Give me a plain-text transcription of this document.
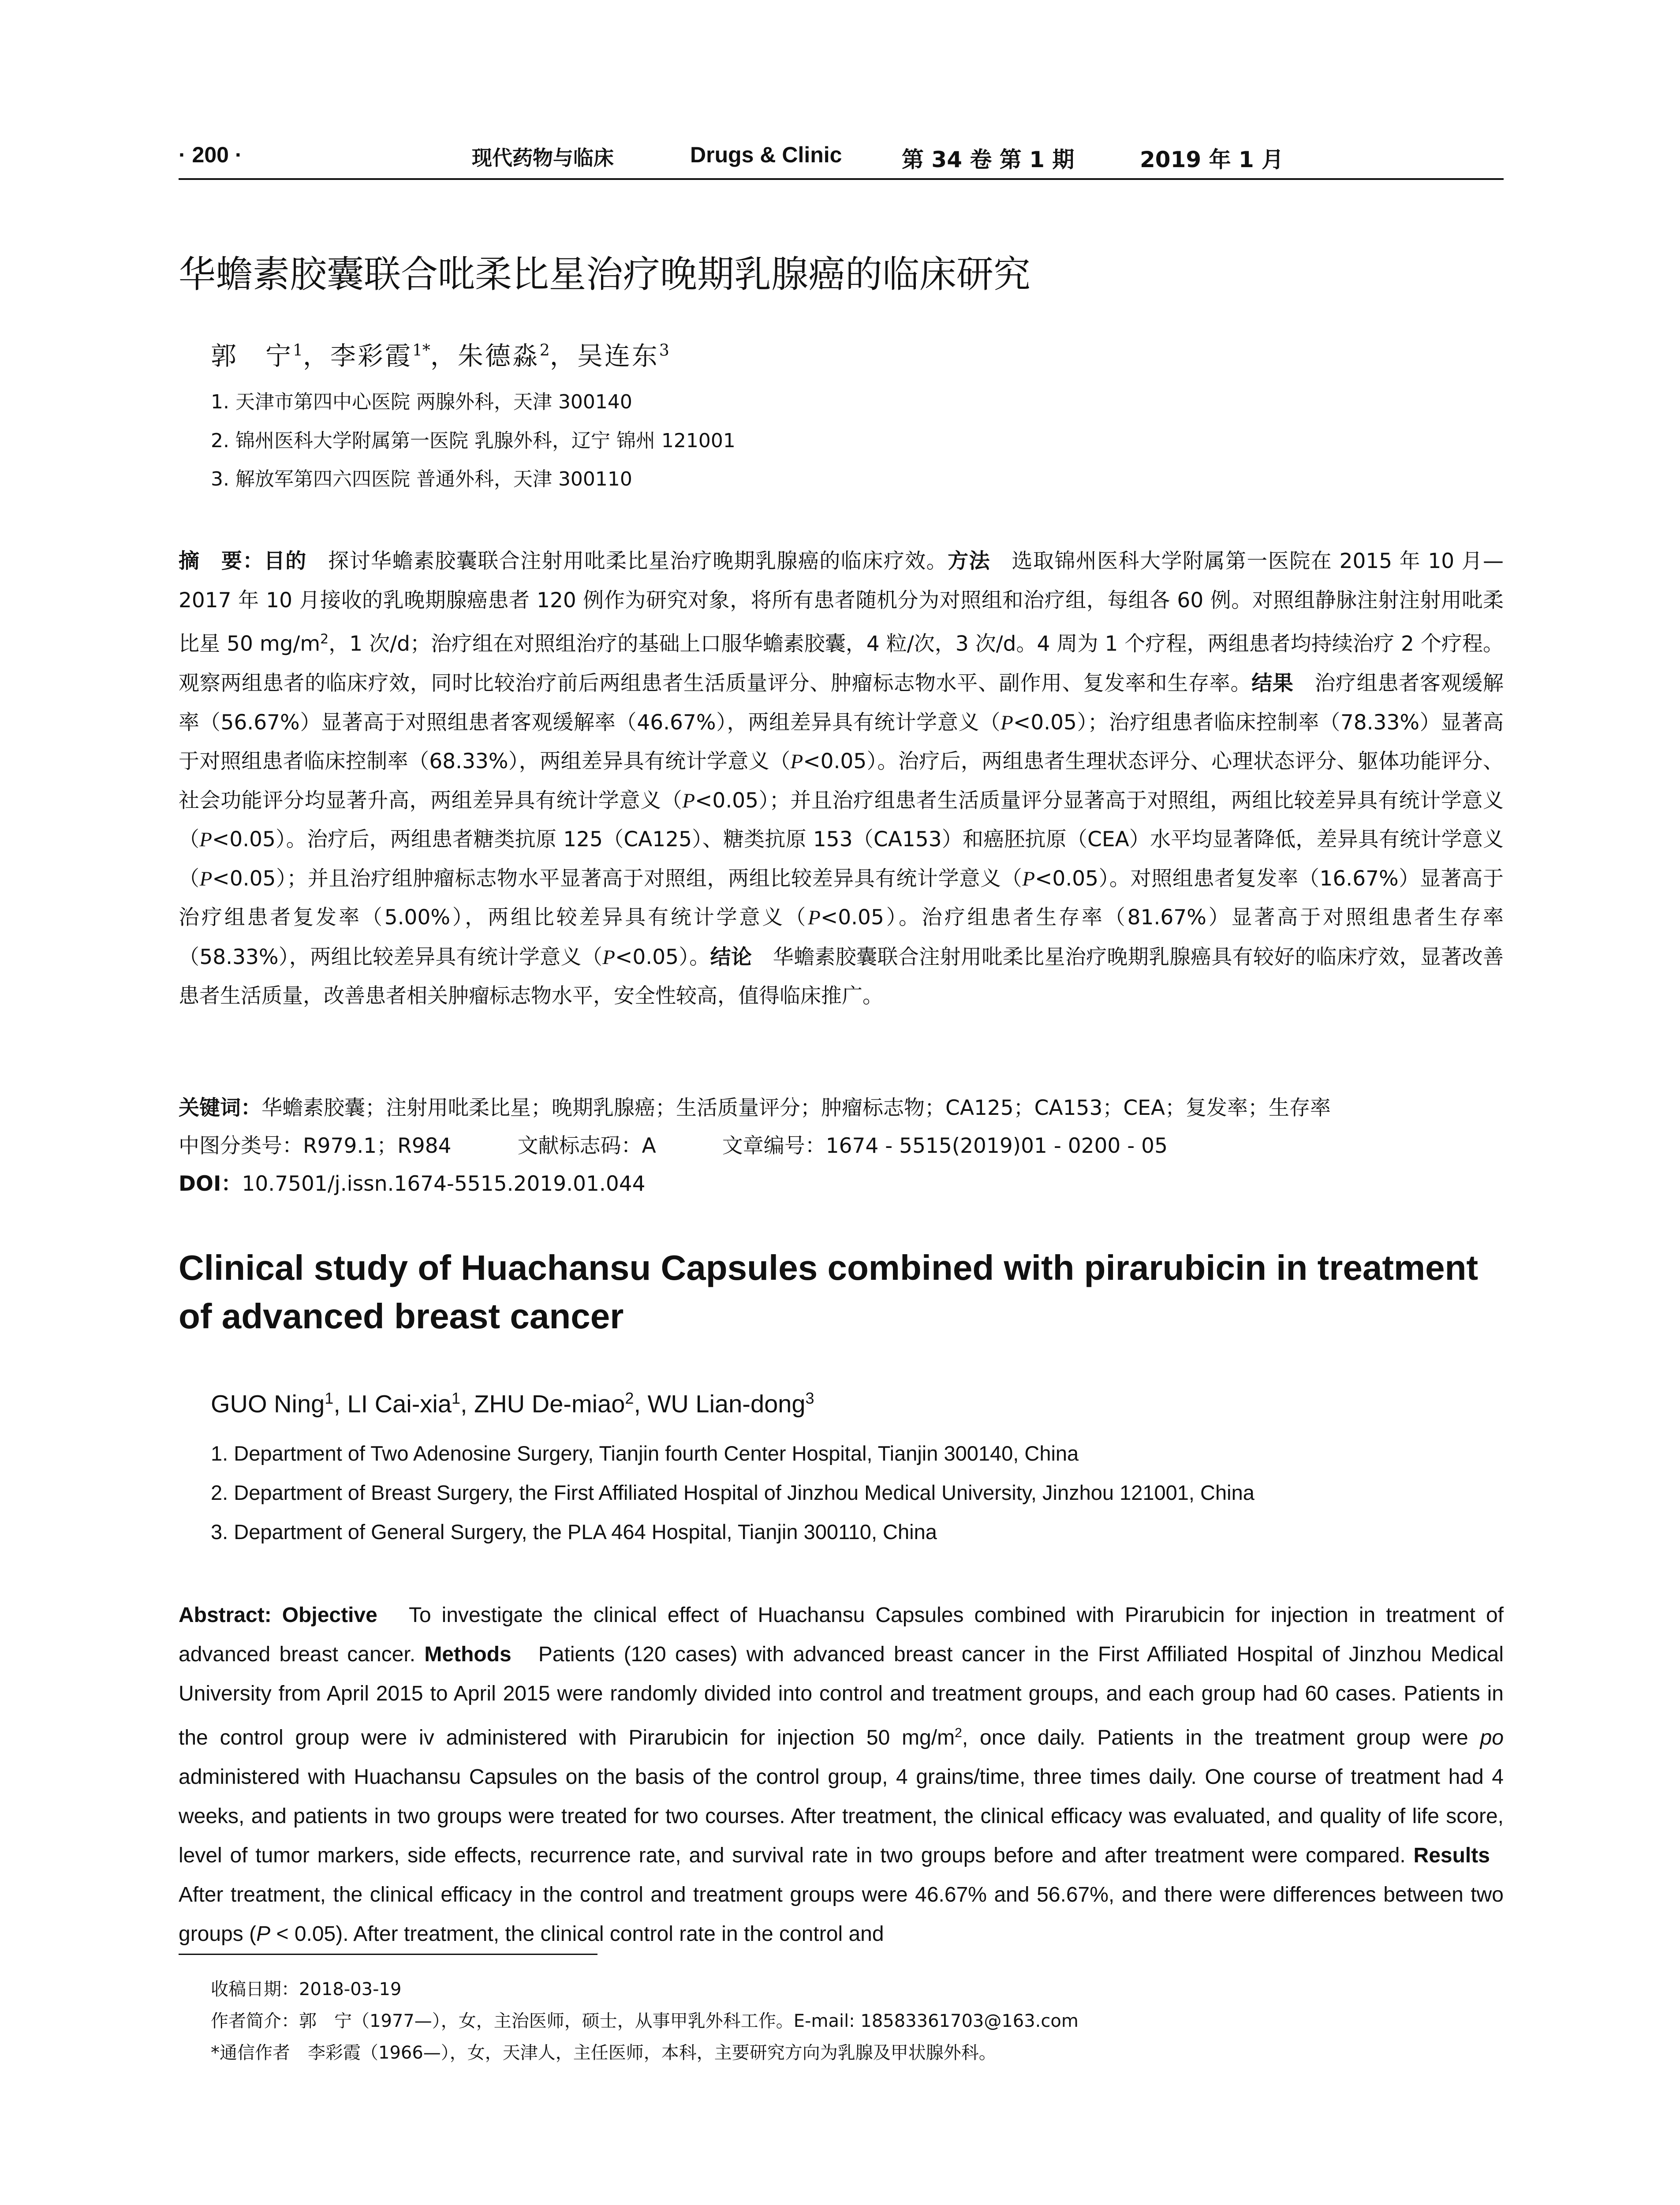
· 200 ·	现代药物与临床	Drugs & Clinic	第 34 卷 第 1 期	2019 年 1 月
华蟾素胶囊联合吡柔比星治疗晚期乳腺癌的临床研究
郭　宁$^1$，李彩霞$^{1*}$，朱德淼$^2$，吴连东$^3$
1. 天津市第四中心医院 两腺外科，天津 300140
2. 锦州医科大学附属第一医院 乳腺外科，辽宁 锦州 121001
3. 解放军第四六四医院 普通外科，天津 300110
摘　要：目的　 探讨华蟾素胶囊联合注射用吡柔比星治疗晚期乳腺癌的临床疗效。方法　 选取锦州医科大学附属第一医院在 2015 年 10 月—2017 年 10 月接收的乳晚期腺癌患者 120 例作为研究对象，将所有患者随机分为对照组和治疗组，每组各 60 例。对照组静脉注射注射用吡柔比星 50 $mg/m^2$，1 次/d；治疗组在对照组治疗的基础上口服华蟾素胶囊，4 粒/次，3 次/d。4 周为 1 个疗程，两组患者均持续治疗 2 个疗程。观察两组患者的临床疗效，同时比较治疗前后两组患者生活质量评分、肿瘤标志物水平、副作用、复发率和生存率。结果　 治疗组患者客观缓解率（56.67%）显著高于对照组患者客观缓解率（46.67%），两组差异具有统计学意义（P<0.05）；治疗组患者临床控制率（78.33%）显著高于对照组患者临床控制率（68.33%），两组差异具有统计学意义（P<0.05）。治疗后，两组患者生理状态评分、心理状态评分、躯体功能评分、社会功能评分均显著升高，两组差异具有统计学意义（P<0.05）；并且治疗组患者生活质量评分显著高于对照组，两组比较差异具有统计学意义（P<0.05）。治疗后，两组患者糖类抗原 125（CA125）、糖类抗原 153（CA153）和癌胚抗原（CEA）水平均显著降低，差异具有统计学意义（P<0.05）；并且治疗组肿瘤标志物水平显著高于对照组，两组比较差异具有统计学意义（P<0.05）。对照组患者复发率（16.67%）显著高于治疗组患者复发率（5.00%），两组比较差异具有统计学意义（P<0.05）。治疗组患者生存率（81.67%）显著高于对照组患者生存率（58.33%），两组比较差异具有统计学意义（P<0.05）。结论　 华蟾素胶囊联合注射用吡柔比星治疗晚期乳腺癌具有较好的临床疗效，显著改善患者生活质量，改善患者相关肿瘤标志物水平，安全性较高，值得临床推广。
关键词：华蟾素胶囊；注射用吡柔比星；晚期乳腺癌；生活质量评分；肿瘤标志物；CA125；CA153；CEA；复发率；生存率
中图分类号：R979.1；R984	文献标志码：A	文章编号：1674 - 5515(2019)01 - 0200 - 05
DOI：10.7501/j.issn.1674-5515.2019.01.044
Clinical study of Huachansu Capsules combined with pirarubicin in treatment of advanced breast cancer
GUO Ning$^1$, LI Cai-xia$^1$, ZHU De-miao$^2$, WU Lian-dong$^3$
1. Department of Two Adenosine Surgery, Tianjin fourth Center Hospital, Tianjin 300140, China
2. Department of Breast Surgery, the First Affiliated Hospital of Jinzhou Medical University, Jinzhou 121001, China
3. Department of General Surgery, the PLA 464 Hospital, Tianjin 300110, China
Abstract: Objective To investigate the clinical effect of Huachansu Capsules combined with Pirarubicin for injection in treatment of advanced breast cancer. Methods Patients (120 cases) with advanced breast cancer in the First Affiliated Hospital of Jinzhou Medical University from April 2015 to April 2015 were randomly divided into control and treatment groups, and each group had 60 cases. Patients in the control group were iv administered with Pirarubicin for injection 50 $mg/m^2$, once daily. Patients in the treatment group were po administered with Huachansu Capsules on the basis of the control group, 4 grains/time, three times daily. One course of treatment had 4 weeks, and patients in two groups were treated for two courses. After treatment, the clinical efficacy was evaluated, and quality of life score, level of tumor markers, side effects, recurrence rate, and survival rate in two groups before and after treatment were compared. Results   After treatment, the clinical efficacy in the control and treatment groups were 46.67% and 56.67%, and there were differences between two groups (P < 0.05). After treatment, the clinical control rate in the control and
收稿日期：2018-03-19
作者简介：郭　宁（1977—），女，主治医师，硕士，从事甲乳外科工作。E-mail: 18583361703@163.com
*通信作者　李彩霞（1966—），女，天津人，主任医师，本科，主要研究方向为乳腺及甲状腺外科。
